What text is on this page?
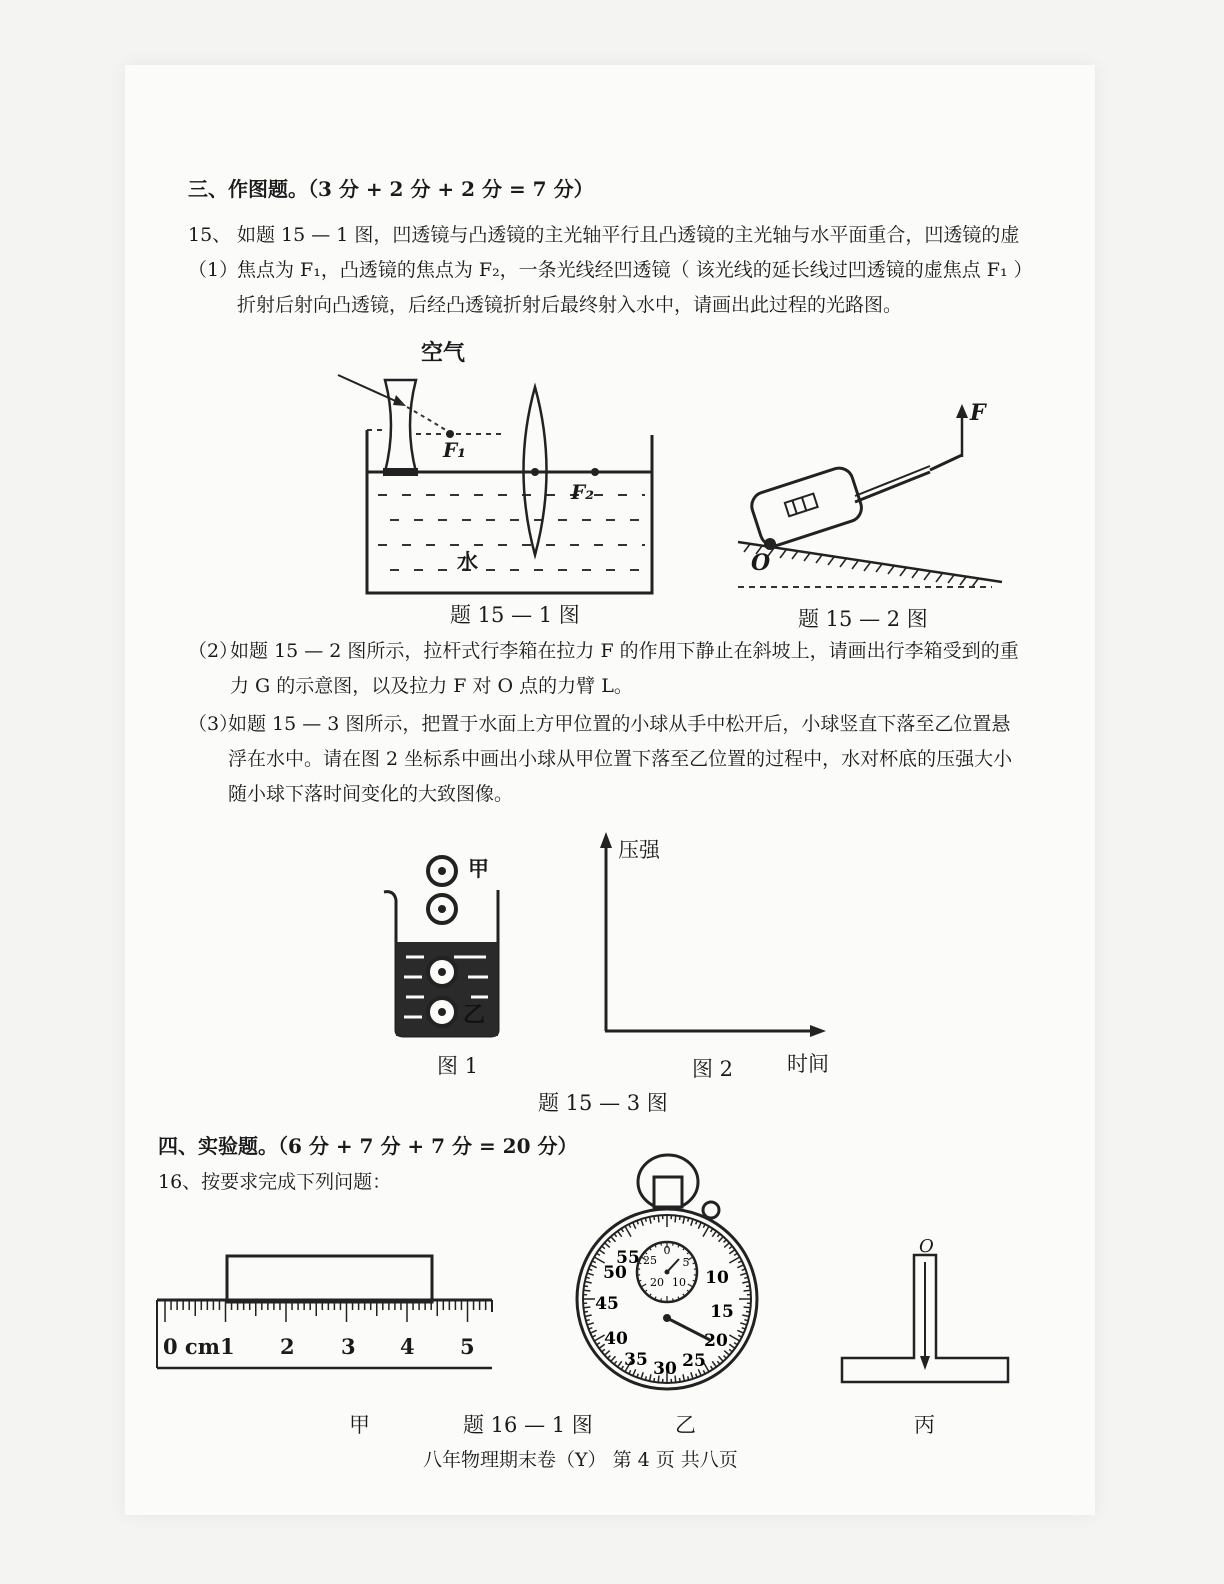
三、作图题。（3 分 + 2 分 + 2 分 = 7 分）
15、（1）
如题 15 — 1 图，凹透镜与凸透镜的主光轴平行且凸透镜的主光轴与水平面重合，凹透镜的虚焦点为 F₁，凸透镜的焦点为 F₂，一条光线经凹透镜（ 该光线的延长线过凹透镜的虚焦点 F₁ ）折射后射向凸透镜，后经凸透镜折射后最终射入水中，请画出此过程的光路图。
空气
F₁
F₂
水
题 15 — 1 图
F
O
题 15 — 2 图
（2）
如题 15 — 2 图所示，拉杆式行李箱在拉力 F 的作用下静止在斜坡上，请画出行李箱受到的重力 G 的示意图，以及拉力 F 对 O 点的力臂 L。
（3）
如题 15 — 3 图所示，把置于水面上方甲位置的小球从手中松开后，小球竖直下落至乙位置悬浮在水中。请在图 2 坐标系中画出小球从甲位置下落至乙位置的过程中，水对杯底的压强大小随小球下落时间变化的大致图像。
甲
乙
图 1
压强
时间
图 2
题 15 — 3 图
四、实验题。（6 分 + 7 分 + 7 分 = 20 分）
16、按要求完成下列问题：
0 cm 1 2 3 4 5
55
50
45
40
35 30 25
20
15
10
0
25 5
20 10
O
甲	题 16 — 1 图	乙	丙
八年物理期末卷（Y） 第 4 页 共八页
